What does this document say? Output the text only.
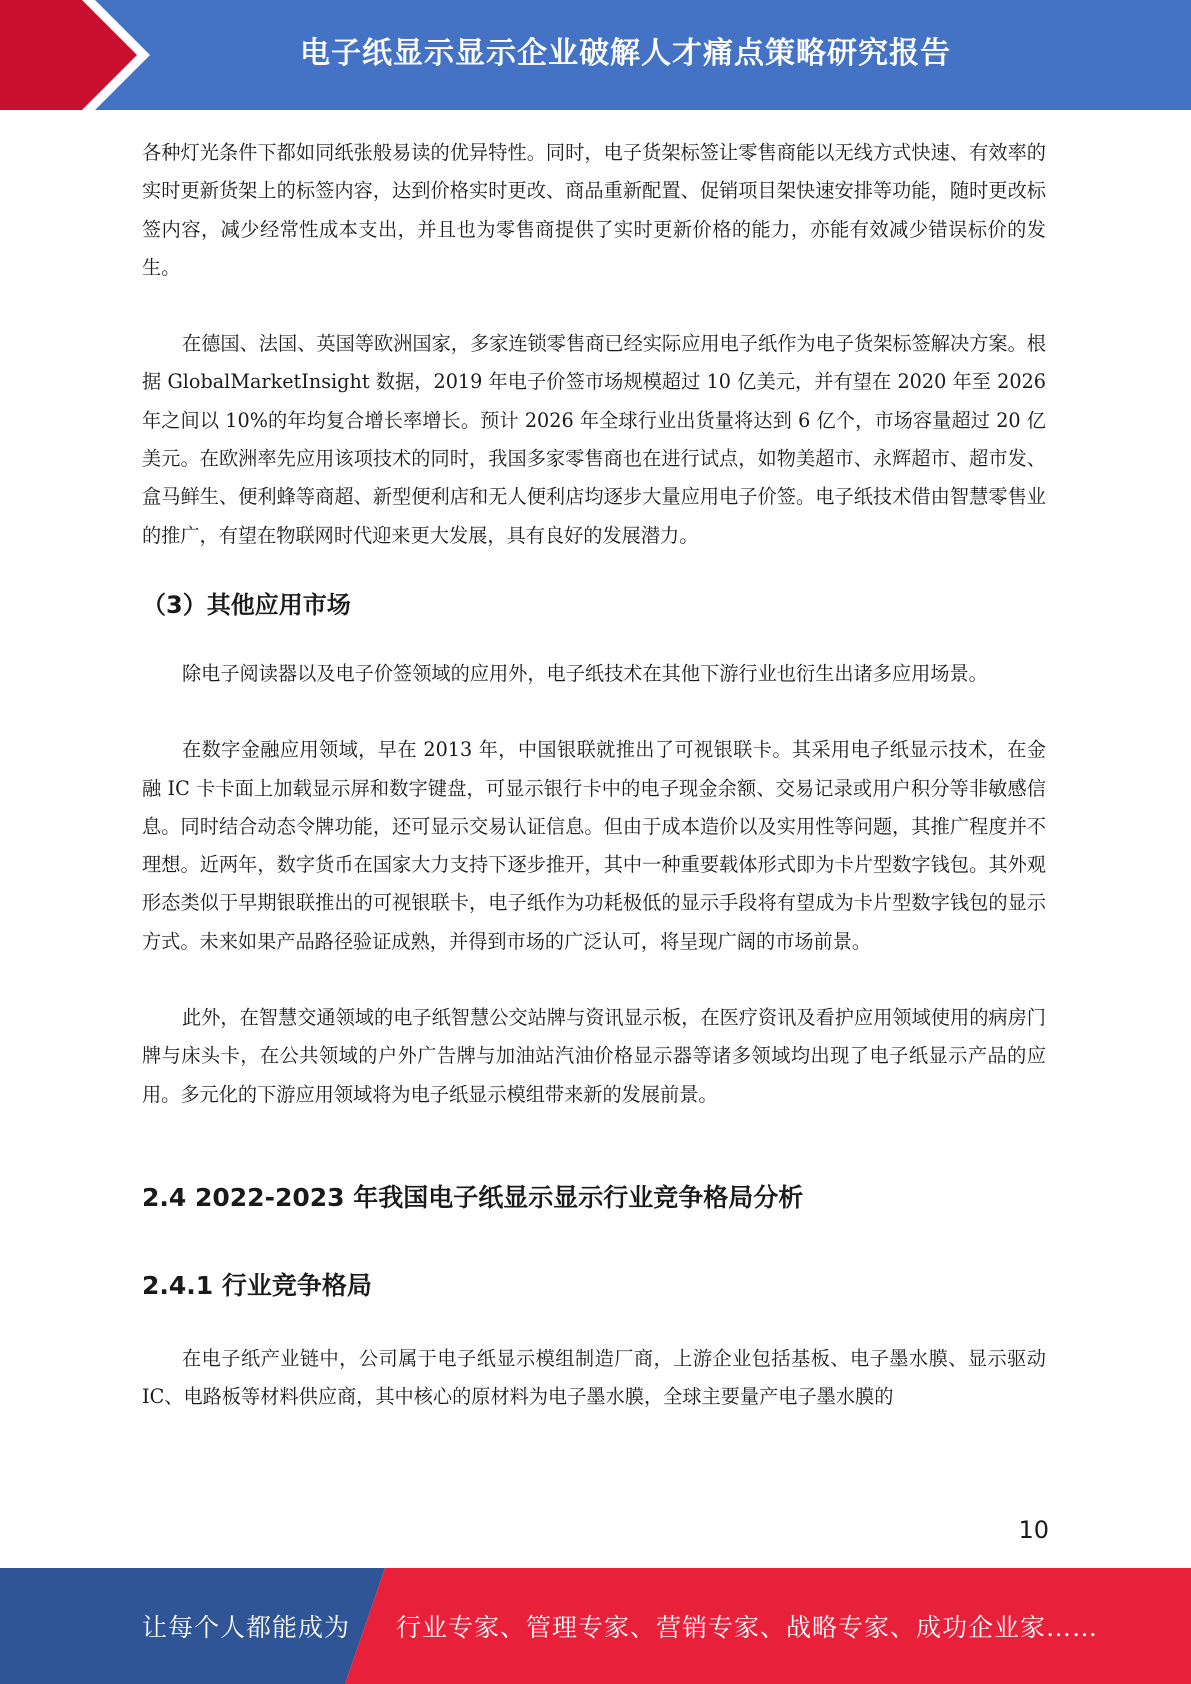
电子纸显示显示企业破解人才痛点策略研究报告

各种灯光条件下都如同纸张般易读的优异特性。同时，电子货架标签让零售商能以无线方式快速、有效率的实时更新货架上的标签内容，达到价格实时更改、商品重新配置、促销项目架快速安排等功能，随时更改标签内容，减少经常性成本支出，并且也为零售商提供了实时更新价格的能力，亦能有效减少错误标价的发生。

在德国、法国、英国等欧洲国家，多家连锁零售商已经实际应用电子纸作为电子货架标签解决方案。根据 GlobalMarketInsight 数据，2019 年电子价签市场规模超过 10 亿美元，并有望在 2020 年至 2026 年之间以 10%的年均复合增长率增长。预计 2026 年全球行业出货量将达到 6 亿个，市场容量超过 20 亿美元。在欧洲率先应用该项技术的同时，我国多家零售商也在进行试点，如物美超市、永辉超市、超市发、盒马鲜生、便利蜂等商超、新型便利店和无人便利店均逐步大量应用电子价签。电子纸技术借由智慧零售业的推广，有望在物联网时代迎来更大发展，具有良好的发展潜力。

（3）其他应用市场

除电子阅读器以及电子价签领域的应用外，电子纸技术在其他下游行业也衍生出诸多应用场景。

在数字金融应用领域，早在 2013 年，中国银联就推出了可视银联卡。其采用电子纸显示技术，在金融 IC 卡卡面上加载显示屏和数字键盘，可显示银行卡中的电子现金余额、交易记录或用户积分等非敏感信息。同时结合动态令牌功能，还可显示交易认证信息。但由于成本造价以及实用性等问题，其推广程度并不理想。近两年，数字货币在国家大力支持下逐步推开，其中一种重要载体形式即为卡片型数字钱包。其外观形态类似于早期银联推出的可视银联卡，电子纸作为功耗极低的显示手段将有望成为卡片型数字钱包的显示方式。未来如果产品路径验证成熟，并得到市场的广泛认可，将呈现广阔的市场前景。

此外，在智慧交通领域的电子纸智慧公交站牌与资讯显示板，在医疗资讯及看护应用领域使用的病房门牌与床头卡，在公共领域的户外广告牌与加油站汽油价格显示器等诸多领域均出现了电子纸显示产品的应用。多元化的下游应用领域将为电子纸显示模组带来新的发展前景。

2.4 2022-2023 年我国电子纸显示显示行业竞争格局分析
2.4.1 行业竞争格局

在电子纸产业链中，公司属于电子纸显示模组制造厂商，上游企业包括基板、电子墨水膜、显示驱动 IC、电路板等材料供应商，其中核心的原材料为电子墨水膜，全球主要量产电子墨水膜的

10
让每个人都能成为 行业专家、管理专家、营销专家、战略专家、成功企业家……
